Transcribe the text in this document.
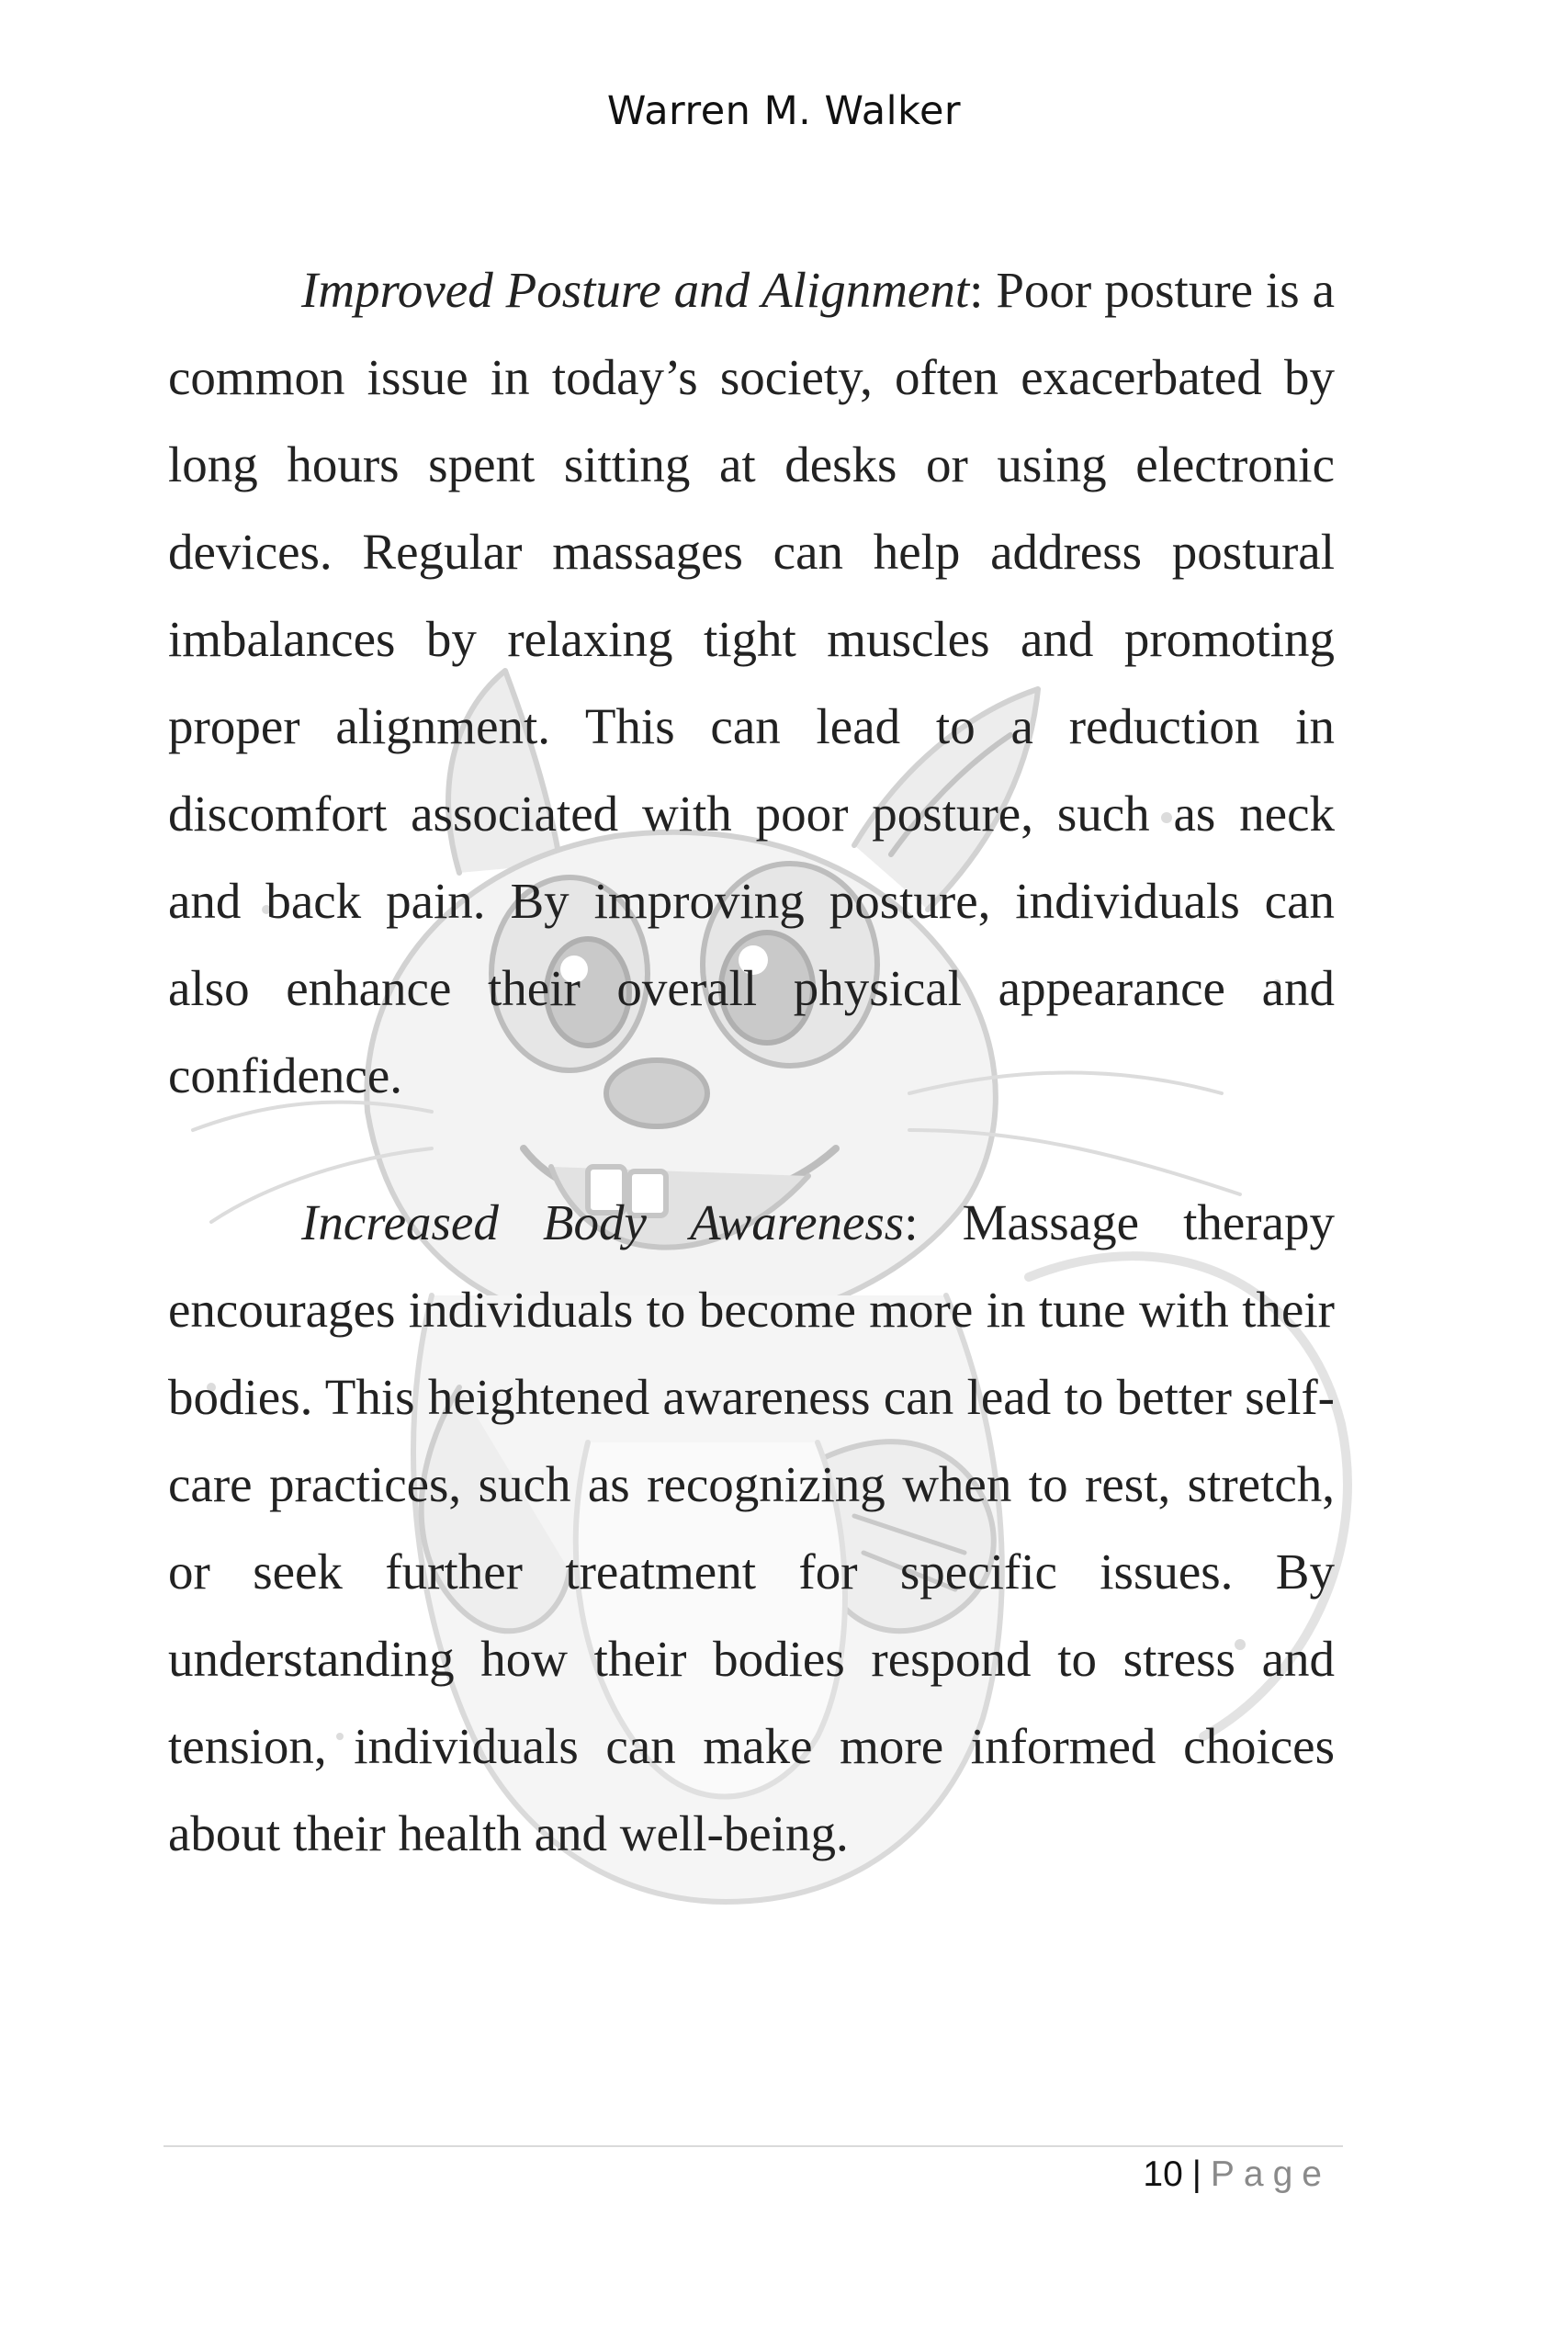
Warren M. Walker

Improved Posture and Alignment: Poor posture is a common issue in today’s society, often exacerbated by long hours spent sitting at desks or using electronic devices. Regular massages can help address postural imbalances by relaxing tight muscles and promoting proper alignment. This can lead to a reduction in discomfort associated with poor posture, such as neck and back pain. By improving posture, individuals can also enhance their overall physical appearance and confidence.

Increased Body Awareness: Massage therapy encourages individuals to become more in tune with their bodies. This heightened awareness can lead to better self-care practices, such as recognizing when to rest, stretch, or seek further treatment for specific issues. By understanding how their bodies respond to stress and tension, individuals can make more informed choices about their health and well-being.

10 | Page
